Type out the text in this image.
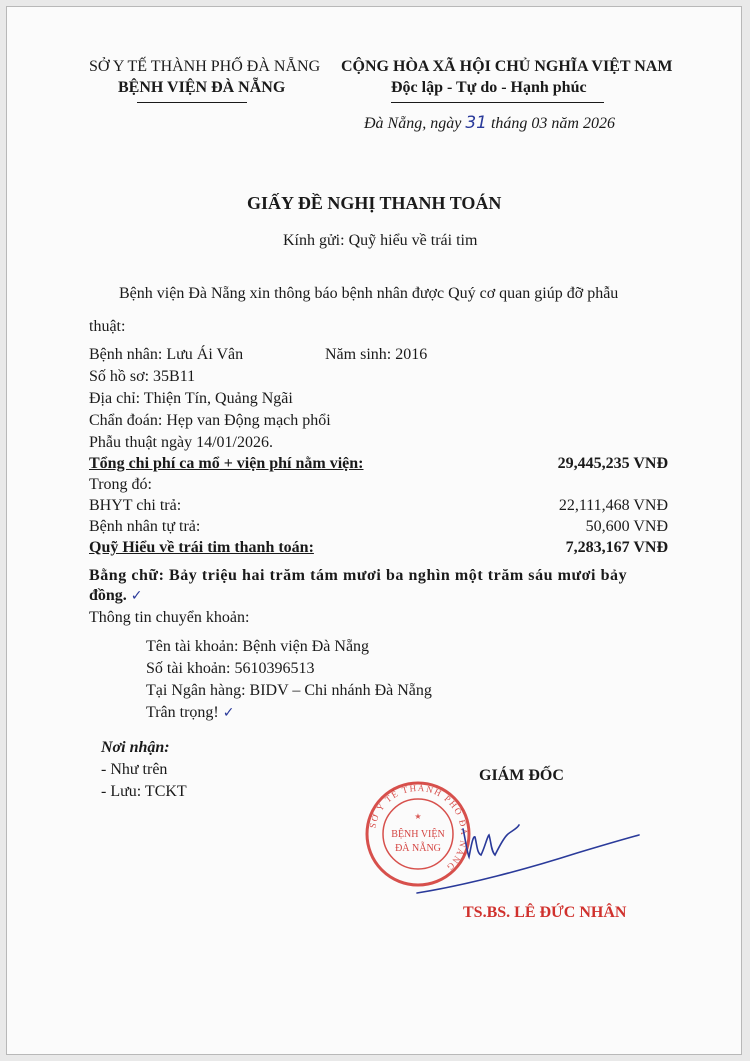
SỞ Y TẾ THÀNH PHỐ ĐÀ NẴNG
BỆNH VIỆN ĐÀ NẴNG
CỘNG HÒA XÃ HỘI CHỦ NGHĨA VIỆT NAM
Độc lập - Tự do - Hạnh phúc
Đà Nẵng, ngày 31 tháng 03 năm 2026
GIẤY ĐỀ NGHỊ THANH TOÁN
Kính gửi: Quỹ hiểu về trái tim
Bệnh viện Đà Nẵng xin thông báo bệnh nhân được Quý cơ quan giúp đỡ phẫu
thuật:
Bệnh nhân: Lưu Ái Vân	Năm sinh: 2016
Số hồ sơ: 35B11
Địa chỉ: Thiện Tín, Quảng Ngãi
Chẩn đoán: Hẹp van Động mạch phổi
Phẫu thuật ngày 14/01/2026.
Tổng chi phí ca mổ + viện phí nằm viện:	29,445,235 VNĐ
Trong đó:
BHYT chi trả:	22,111,468 VNĐ
Bệnh nhân tự trả:	50,600 VNĐ
Quỹ Hiểu về trái tim thanh toán:	7,283,167 VNĐ
Bằng chữ: Bảy triệu hai trăm tám mươi ba nghìn một trăm sáu mươi bảy
đồng. ✓
Thông tin chuyển khoản:
Tên tài khoản: Bệnh viện Đà Nẵng
Số tài khoản: 5610396513
Tại Ngân hàng: BIDV – Chi nhánh Đà Nẵng
Trân trọng! ✓
Nơi nhận:
- Như trên
- Lưu: TCKT
GIÁM ĐỐC
SỞ Y TẾ THÀNH PHỐ ĐÀ NẴNG
BỆNH VIỆN
ĐÀ NẴNG
★
TS.BS. LÊ ĐỨC NHÂN
